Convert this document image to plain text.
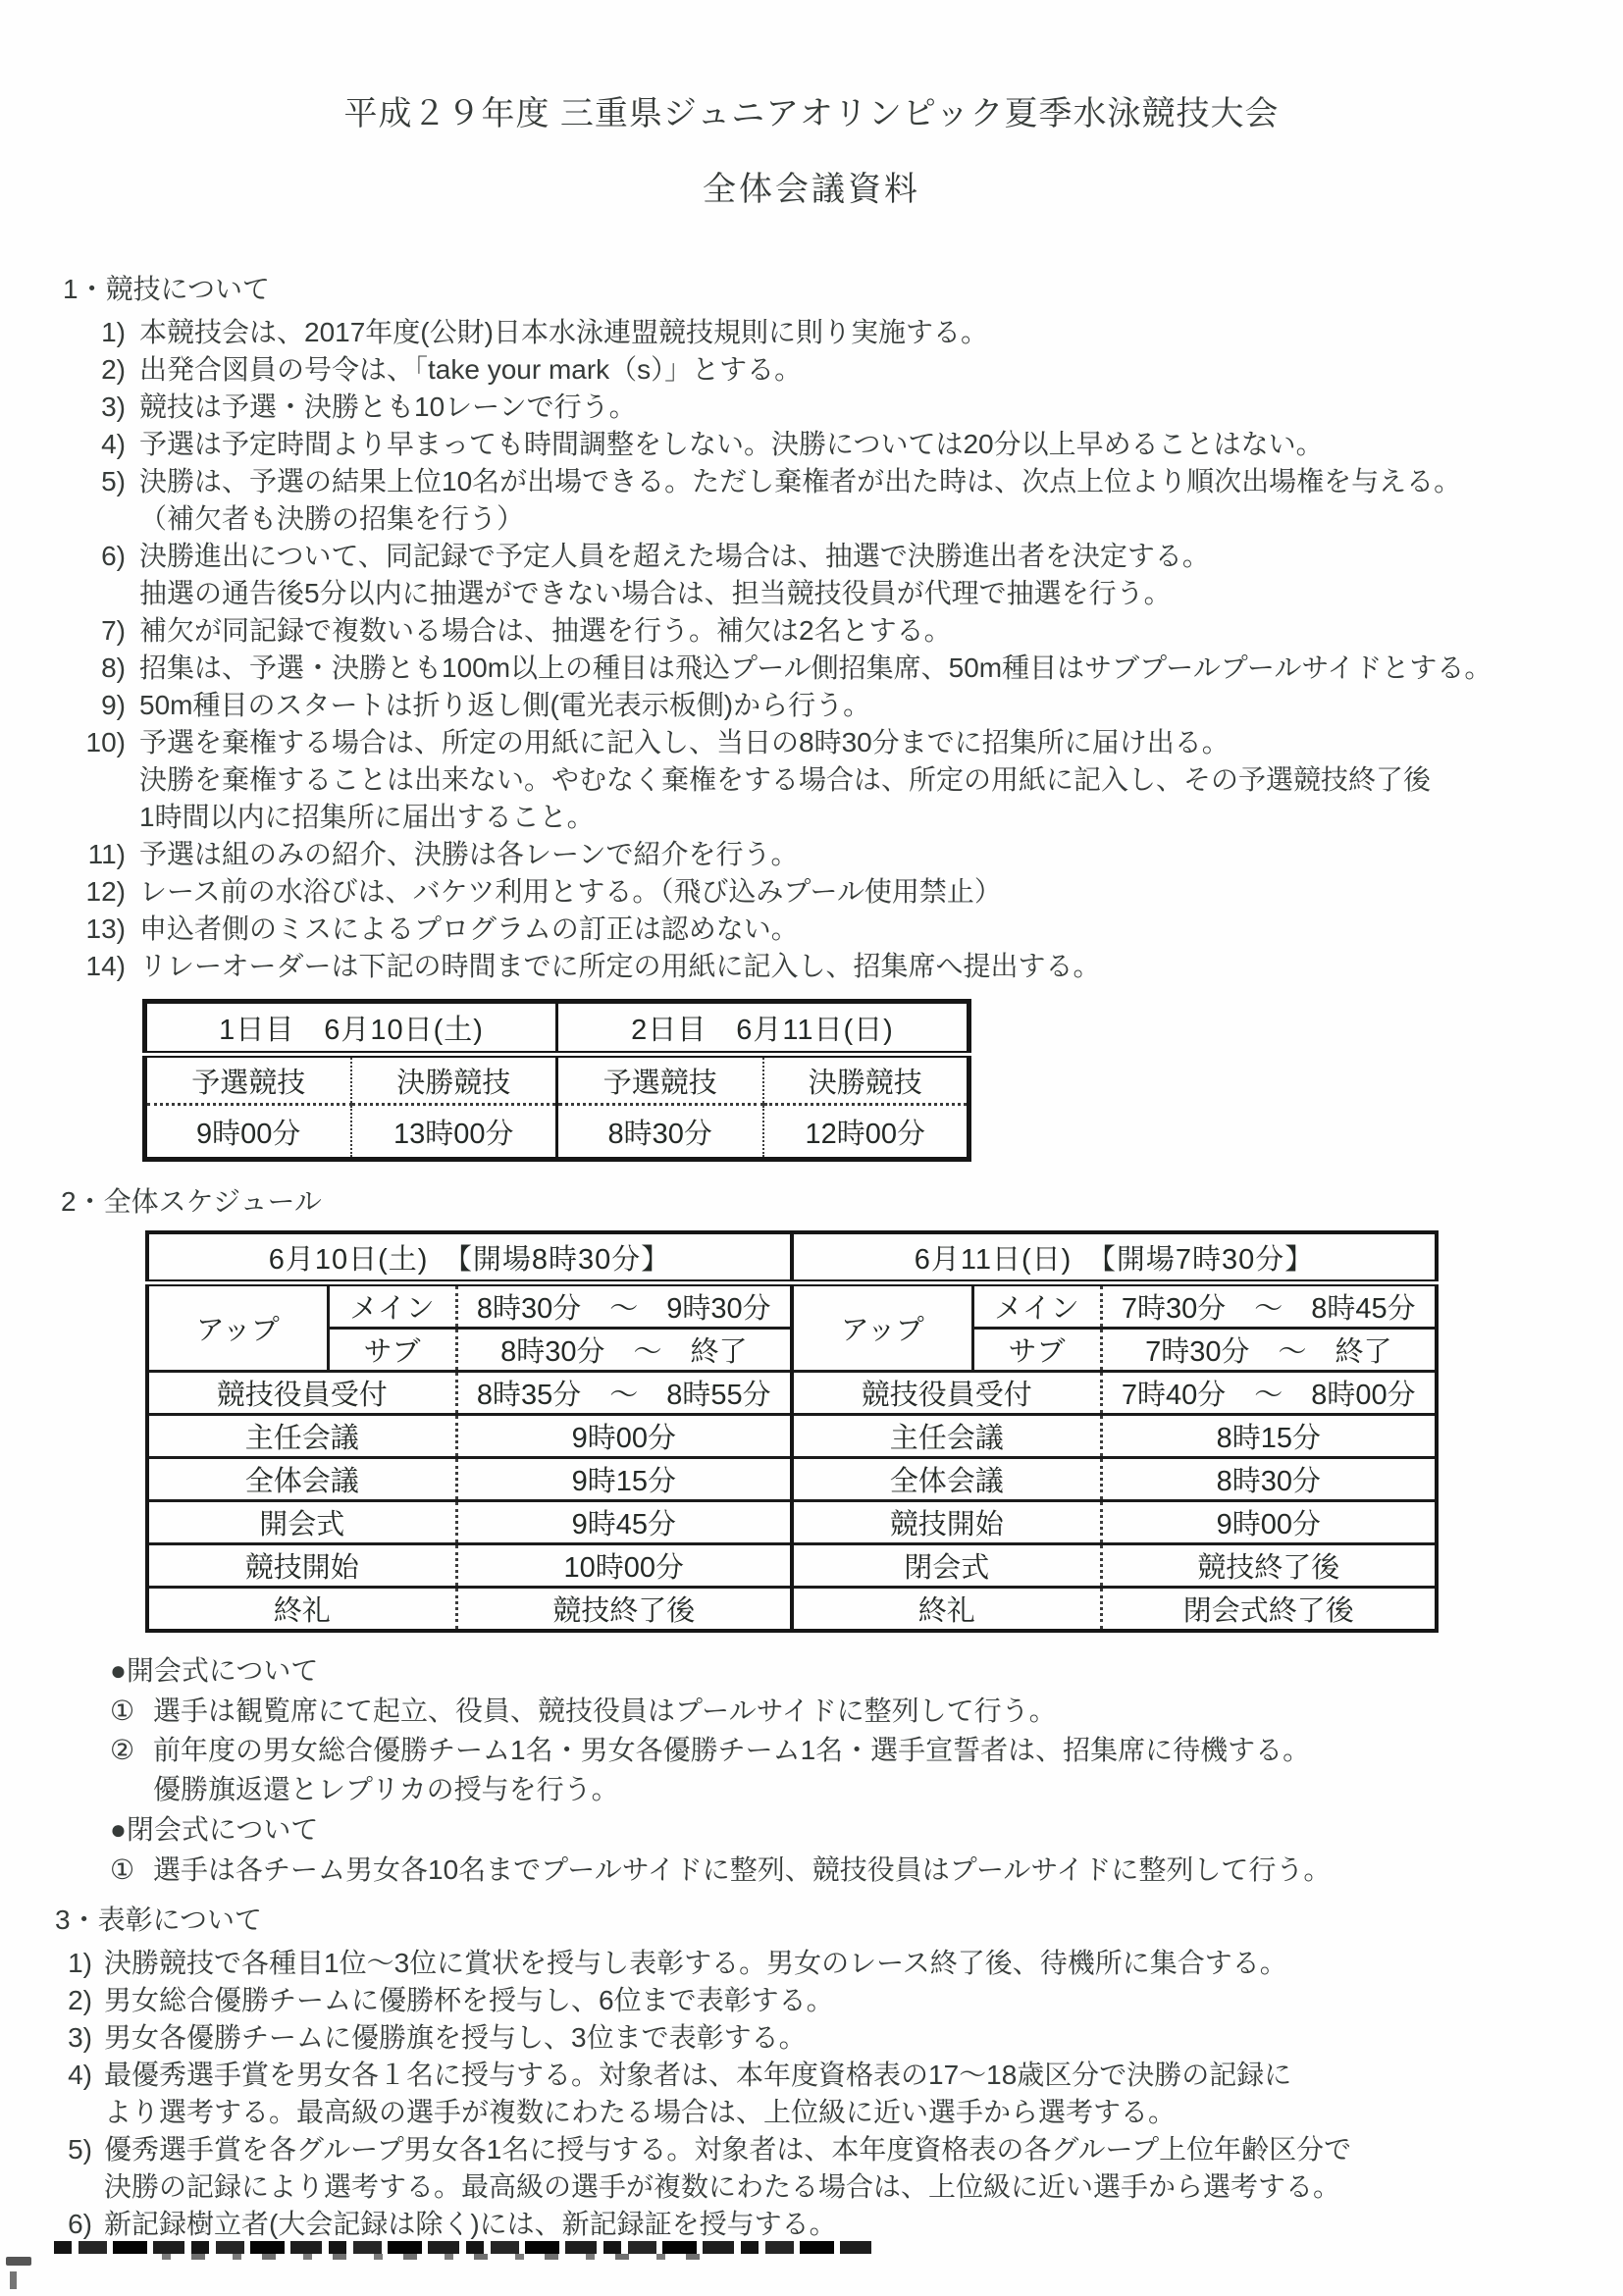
平成２９年度 三重県ジュニアオリンピック夏季水泳競技大会
全体会議資料
1・競技について
1) 本競技会は、2017年度(公財)日本水泳連盟競技規則に則り実施する。
2) 出発合図員の号令は、「take your mark（s）」とする。
3) 競技は予選・決勝とも10レーンで行う。
4) 予選は予定時間より早まっても時間調整をしない。決勝については20分以上早めることはない。
5) 決勝は、予選の結果上位10名が出場できる。ただし棄権者が出た時は、次点上位より順次出場権を与える。
（補欠者も決勝の招集を行う）
6) 決勝進出について、同記録で予定人員を超えた場合は、抽選で決勝進出者を決定する。
抽選の通告後5分以内に抽選ができない場合は、担当競技役員が代理で抽選を行う。
7) 補欠が同記録で複数いる場合は、抽選を行う。補欠は2名とする。
8) 招集は、予選・決勝とも100m以上の種目は飛込プール側招集席、50m種目はサブプールプールサイドとする。
9) 50m種目のスタートは折り返し側(電光表示板側)から行う。
10) 予選を棄権する場合は、所定の用紙に記入し、当日の8時30分までに招集所に届け出る。
決勝を棄権することは出来ない。やむなく棄権をする場合は、所定の用紙に記入し、その予選競技終了後
1時間以内に招集所に届出すること。
11) 予選は組のみの紹介、決勝は各レーンで紹介を行う。
12) レース前の水浴びは、バケツ利用とする。（飛び込みプール使用禁止）
13) 申込者側のミスによるプログラムの訂正は認めない。
14) リレーオーダーは下記の時間までに所定の用紙に記入し、招集席へ提出する。
1日目　6月10日(土)		2日目　6月11日(日)	
予選競技	決勝競技	予選競技	決勝競技
9時00分	13時00分	8時30分	12時00分
2・全体スケジュール
6月10日(土)　【開場8時30分】			6月11日(日)　【開場7時30分】		
アップ	メイン	8時30分　～　9時30分	アップ	メイン	7時30分　～　8時45分
	サブ	8時30分　～　終了		サブ	7時30分　～　終了
競技役員受付		8時35分　～　8時55分	競技役員受付		7時40分　～　8時00分
主任会議		9時00分	主任会議		8時15分
全体会議		9時15分	全体会議		8時30分
開会式		9時45分	競技開始		9時00分
競技開始		10時00分	閉会式		競技終了後
終礼		競技終了後	終礼		閉会式終了後
●開会式について
① 選手は観覧席にて起立、役員、競技役員はプールサイドに整列して行う。
② 前年度の男女総合優勝チーム1名・男女各優勝チーム1名・選手宣誓者は、招集席に待機する。
優勝旗返還とレプリカの授与を行う。
●閉会式について
① 選手は各チーム男女各10名までプールサイドに整列、競技役員はプールサイドに整列して行う。
3・表彰について
1) 決勝競技で各種目1位～3位に賞状を授与し表彰する。男女のレース終了後、待機所に集合する。
2) 男女総合優勝チームに優勝杯を授与し、6位まで表彰する。
3) 男女各優勝チームに優勝旗を授与し、3位まで表彰する。
4) 最優秀選手賞を男女各１名に授与する。対象者は、本年度資格表の17～18歳区分で決勝の記録に
より選考する。最高級の選手が複数にわたる場合は、上位級に近い選手から選考する。
5) 優秀選手賞を各グループ男女各1名に授与する。対象者は、本年度資格表の各グループ上位年齢区分で
決勝の記録により選考する。最高級の選手が複数にわたる場合は、上位級に近い選手から選考する。
6) 新記録樹立者(大会記録は除く)には、新記録証を授与する。
